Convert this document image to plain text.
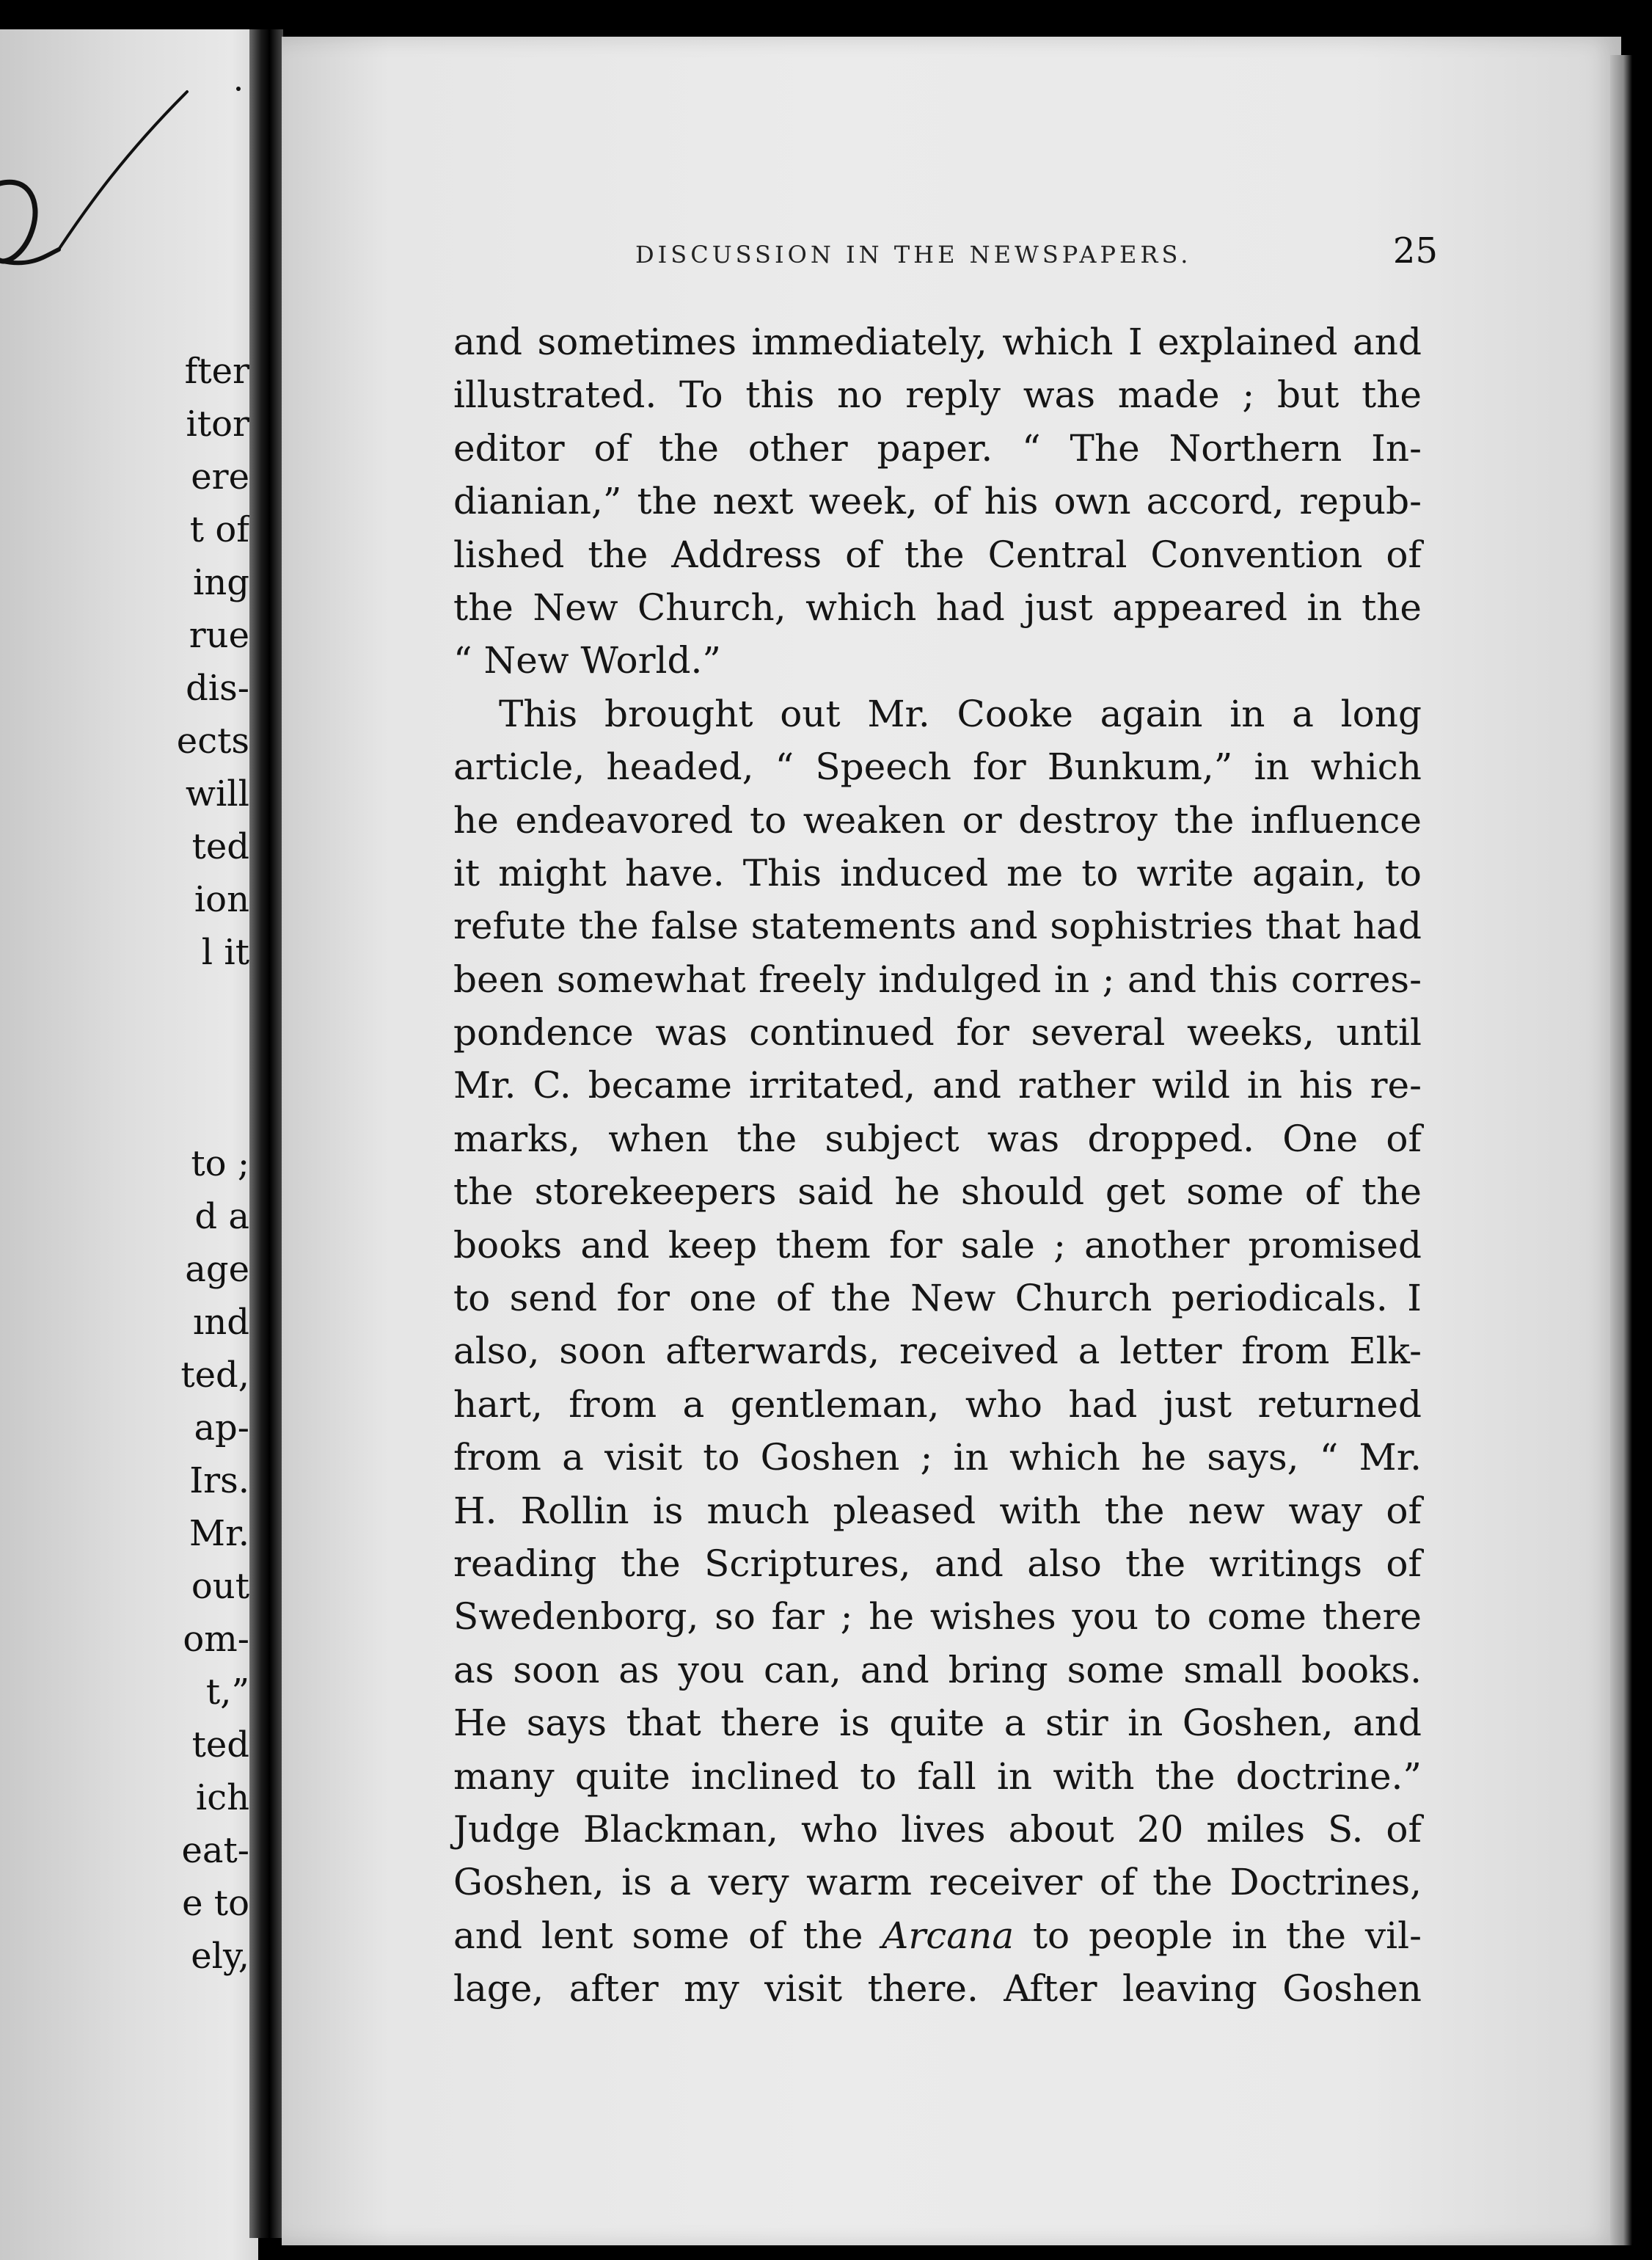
fter
itor
ere
t of
ing
rue
dis-
ects
will
ted
ion
l it
to ;
d a
age
ınd
ted,
ap-
Irs.
Mr.
out
om-
t,”
ted
ich
eat-
e to
ely,
DISCUSSION IN THE NEWSPAPERS.	25
and sometimes immediately, which I explained and
illustrated. To this no reply was made ; but the
editor of the other paper. “ The Northern In-
dianian,” the next week, of his own accord, repub-
lished the Address of the Central Convention of
the New Church, which had just appeared in the
“ New World.”
This brought out Mr. Cooke again in a long
article, headed, “ Speech for Bunkum,” in which
he endeavored to weaken or destroy the influence
it might have. This induced me to write again, to
refute the false statements and sophistries that had
been somewhat freely indulged in ; and this corres-
pondence was continued for several weeks, until
Mr. C. became irritated, and rather wild in his re-
marks, when the subject was dropped. One of
the storekeepers said he should get some of the
books and keep them for sale ; another promised
to send for one of the New Church periodicals. I
also, soon afterwards, received a letter from Elk-
hart, from a gentleman, who had just returned
from a visit to Goshen ; in which he says, “ Mr.
H. Rollin is much pleased with the new way of
reading the Scriptures, and also the writings of
Swedenborg, so far ; he wishes you to come there
as soon as you can, and bring some small books.
He says that there is quite a stir in Goshen, and
many quite inclined to fall in with the doctrine.”
Judge Blackman, who lives about 20 miles S. of
Goshen, is a very warm receiver of the Doctrines,
and lent some of the Arcana to people in the vil-
lage, after my visit there. After leaving Goshen
